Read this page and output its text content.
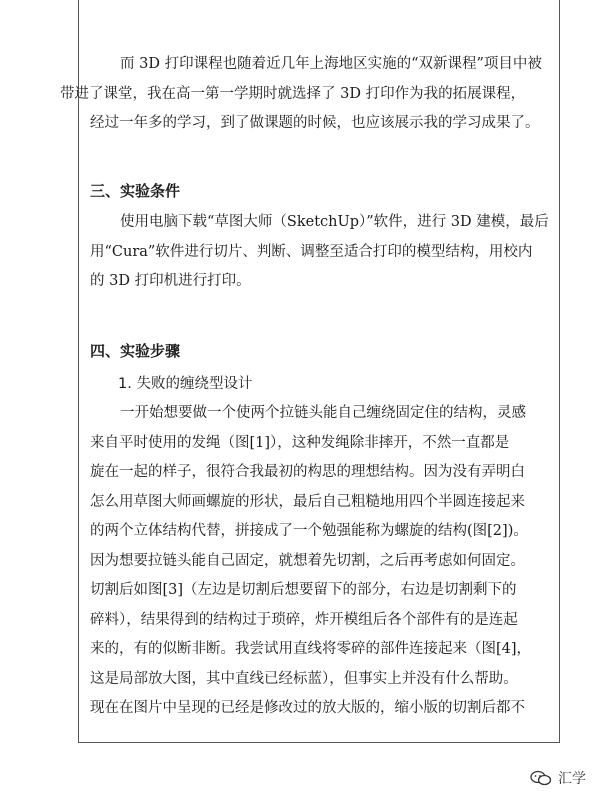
而 3D 打印课程也随着近几年上海地区实施的“双新课程”项目中被
带进了课堂，我在高一第一学期时就选择了 3D 打印作为我的拓展课程，
经过一年多的学习，到了做课题的时候，也应该展示我的学习成果了。
三、实验条件
使用电脑下载“草图大师（SketchUp）”软件，进行 3D 建模，最后
用“Cura”软件进行切片、判断、调整至适合打印的模型结构，用校内
的 3D 打印机进行打印。
四、实验步骤
1. 失败的缠绕型设计
一开始想要做一个使两个拉链头能自己缠绕固定住的结构，灵感
来自平时使用的发绳（图[1]），这种发绳除非摔开，不然一直都是
旋在一起的样子，很符合我最初的构思的理想结构。因为没有弄明白
怎么用草图大师画螺旋的形状，最后自己粗糙地用四个半圆连接起来
的两个立体结构代替，拼接成了一个勉强能称为螺旋的结构(图[2])。
因为想要拉链头能自己固定，就想着先切割，之后再考虑如何固定。
切割后如图[3]（左边是切割后想要留下的部分，右边是切割剩下的
碎料），结果得到的结构过于琐碎，炸开模组后各个部件有的是连起
来的，有的似断非断。我尝试用直线将零碎的部件连接起来（图[4]，
这是局部放大图，其中直线已经标蓝），但事实上并没有什么帮助。
现在在图片中呈现的已经是修改过的放大版的，缩小版的切割后都不
汇学
